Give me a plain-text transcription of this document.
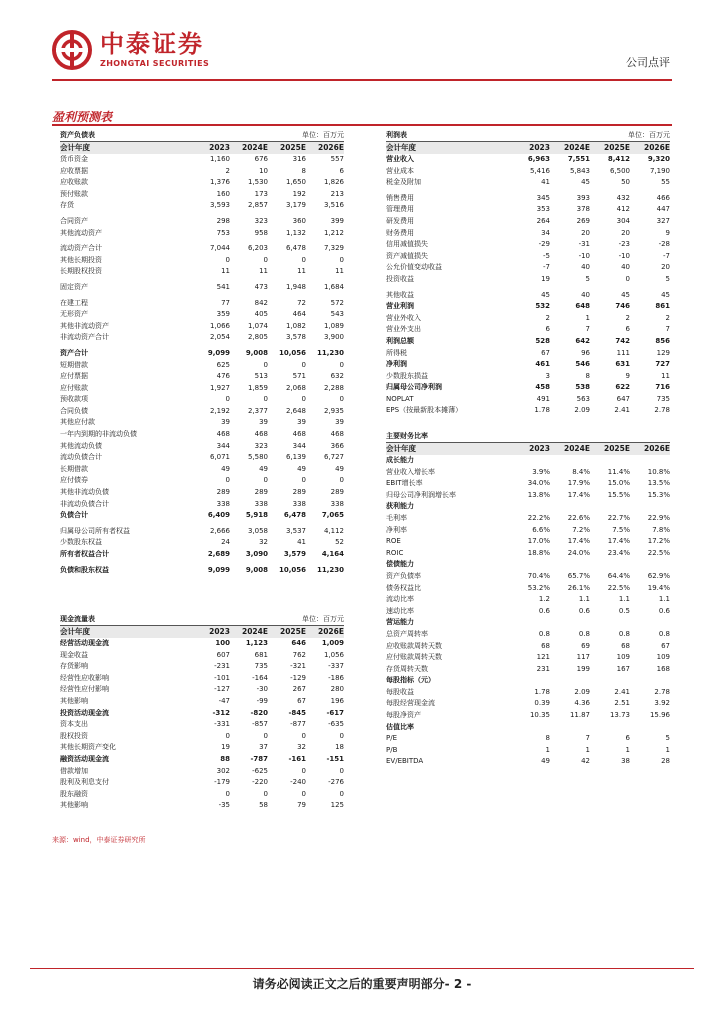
中泰证券
ZHONGTAI SECURITIES	公司点评
盈利预测表
资产负债表	单位：百万元
会计年度	2023	2024E	2025E	2026E
货币资金	1,160	676	316	557
应收票据	2	10	8	6
应收账款	1,376	1,530	1,650	1,826
预付账款	160	173	192	213
存货	3,593	2,857	3,179	3,516
合同资产	298	323	360	399
其他流动资产	753	958	1,132	1,212
流动资产合计	7,044	6,203	6,478	7,329
其他长期投资	0	0	0	0
长期股权投资	11	11	11	11
固定资产	541	473	1,948	1,684
在建工程	77	842	72	572
无形资产	359	405	464	543
其他非流动资产	1,066	1,074	1,082	1,089
非流动资产合计	2,054	2,805	3,578	3,900
资产合计	9,099	9,008	10,056	11,230
短期借款	625	0	0	0
应付票据	476	513	571	632
应付账款	1,927	1,859	2,068	2,288
预收款项	0	0	0	0
合同负债	2,192	2,377	2,648	2,935
其他应付款	39	39	39	39
一年内到期的非流动负债	468	468	468	468
其他流动负债	344	323	344	366
流动负债合计	6,071	5,580	6,139	6,727
长期借款	49	49	49	49
应付债券	0	0	0	0
其他非流动负债	289	289	289	289
非流动负债合计	338	338	338	338
负债合计	6,409	5,918	6,478	7,065
归属母公司所有者权益	2,666	3,058	3,537	4,112
少数股东权益	24	32	41	52
所有者权益合计	2,689	3,090	3,579	4,164
负债和股东权益	9,099	9,008	10,056	11,230
现金流量表	单位：百万元
会计年度	2023	2024E	2025E	2026E
经营活动现金流	100	1,123	646	1,009
现金收益	607	681	762	1,056
存货影响	-231	735	-321	-337
经营性应收影响	-101	-164	-129	-186
经营性应付影响	-127	-30	267	280
其他影响	-47	-99	67	196
投资活动现金流	-312	-820	-845	-617
资本支出	-331	-857	-877	-635
股权投资	0	0	0	0
其他长期资产变化	19	37	32	18
融资活动现金流	88	-787	-161	-151
借款增加	302	-625	0	0
股利及利息支付	-179	-220	-240	-276
股东融资	0	0	0	0
其他影响	-35	58	79	125
利润表	单位：百万元
会计年度	2023	2024E	2025E	2026E
营业收入	6,963	7,551	8,412	9,320
营业成本	5,416	5,843	6,500	7,190
税金及附加	41	45	50	55
销售费用	345	393	432	466
管理费用	353	378	412	447
研发费用	264	269	304	327
财务费用	34	20	20	9
信用减值损失	-29	-31	-23	-28
资产减值损失	-5	-10	-10	-7
公允价值变动收益	-7	40	40	20
投资收益	19	5	0	5
其他收益	45	40	45	45
营业利润	532	648	746	861
营业外收入	2	1	2	2
营业外支出	6	7	6	7
利润总额	528	642	742	856
所得税	67	96	111	129
净利润	461	546	631	727
少数股东损益	3	8	9	11
归属母公司净利润	458	538	622	716
NOPLAT	491	563	647	735
EPS（按最新股本摊薄）	1.78	2.09	2.41	2.78
主要财务比率
会计年度	2023	2024E	2025E	2026E
成长能力
营业收入增长率	3.9%	8.4%	11.4%	10.8%
EBIT增长率	34.0%	17.9%	15.0%	13.5%
归母公司净利润增长率	13.8%	17.4%	15.5%	15.3%
获利能力
毛利率	22.2%	22.6%	22.7%	22.9%
净利率	6.6%	7.2%	7.5%	7.8%
ROE	17.0%	17.4%	17.4%	17.2%
ROIC	18.8%	24.0%	23.4%	22.5%
偿债能力
资产负债率	70.4%	65.7%	64.4%	62.9%
债务权益比	53.2%	26.1%	22.5%	19.4%
流动比率	1.2	1.1	1.1	1.1
速动比率	0.6	0.6	0.5	0.6
营运能力
总资产周转率	0.8	0.8	0.8	0.8
应收账款周转天数	68	69	68	67
应付账款周转天数	121	117	109	109
存货周转天数	231	199	167	168
每股指标（元）
每股收益	1.78	2.09	2.41	2.78
每股经营现金流	0.39	4.36	2.51	3.92
每股净资产	10.35	11.87	13.73	15.96
估值比率
P/E	8	7	6	5
P/B	1	1	1	1
EV/EBITDA	49	42	38	28
来源：wind，中泰证券研究所
请务必阅读正文之后的重要声明部分- 2 -
